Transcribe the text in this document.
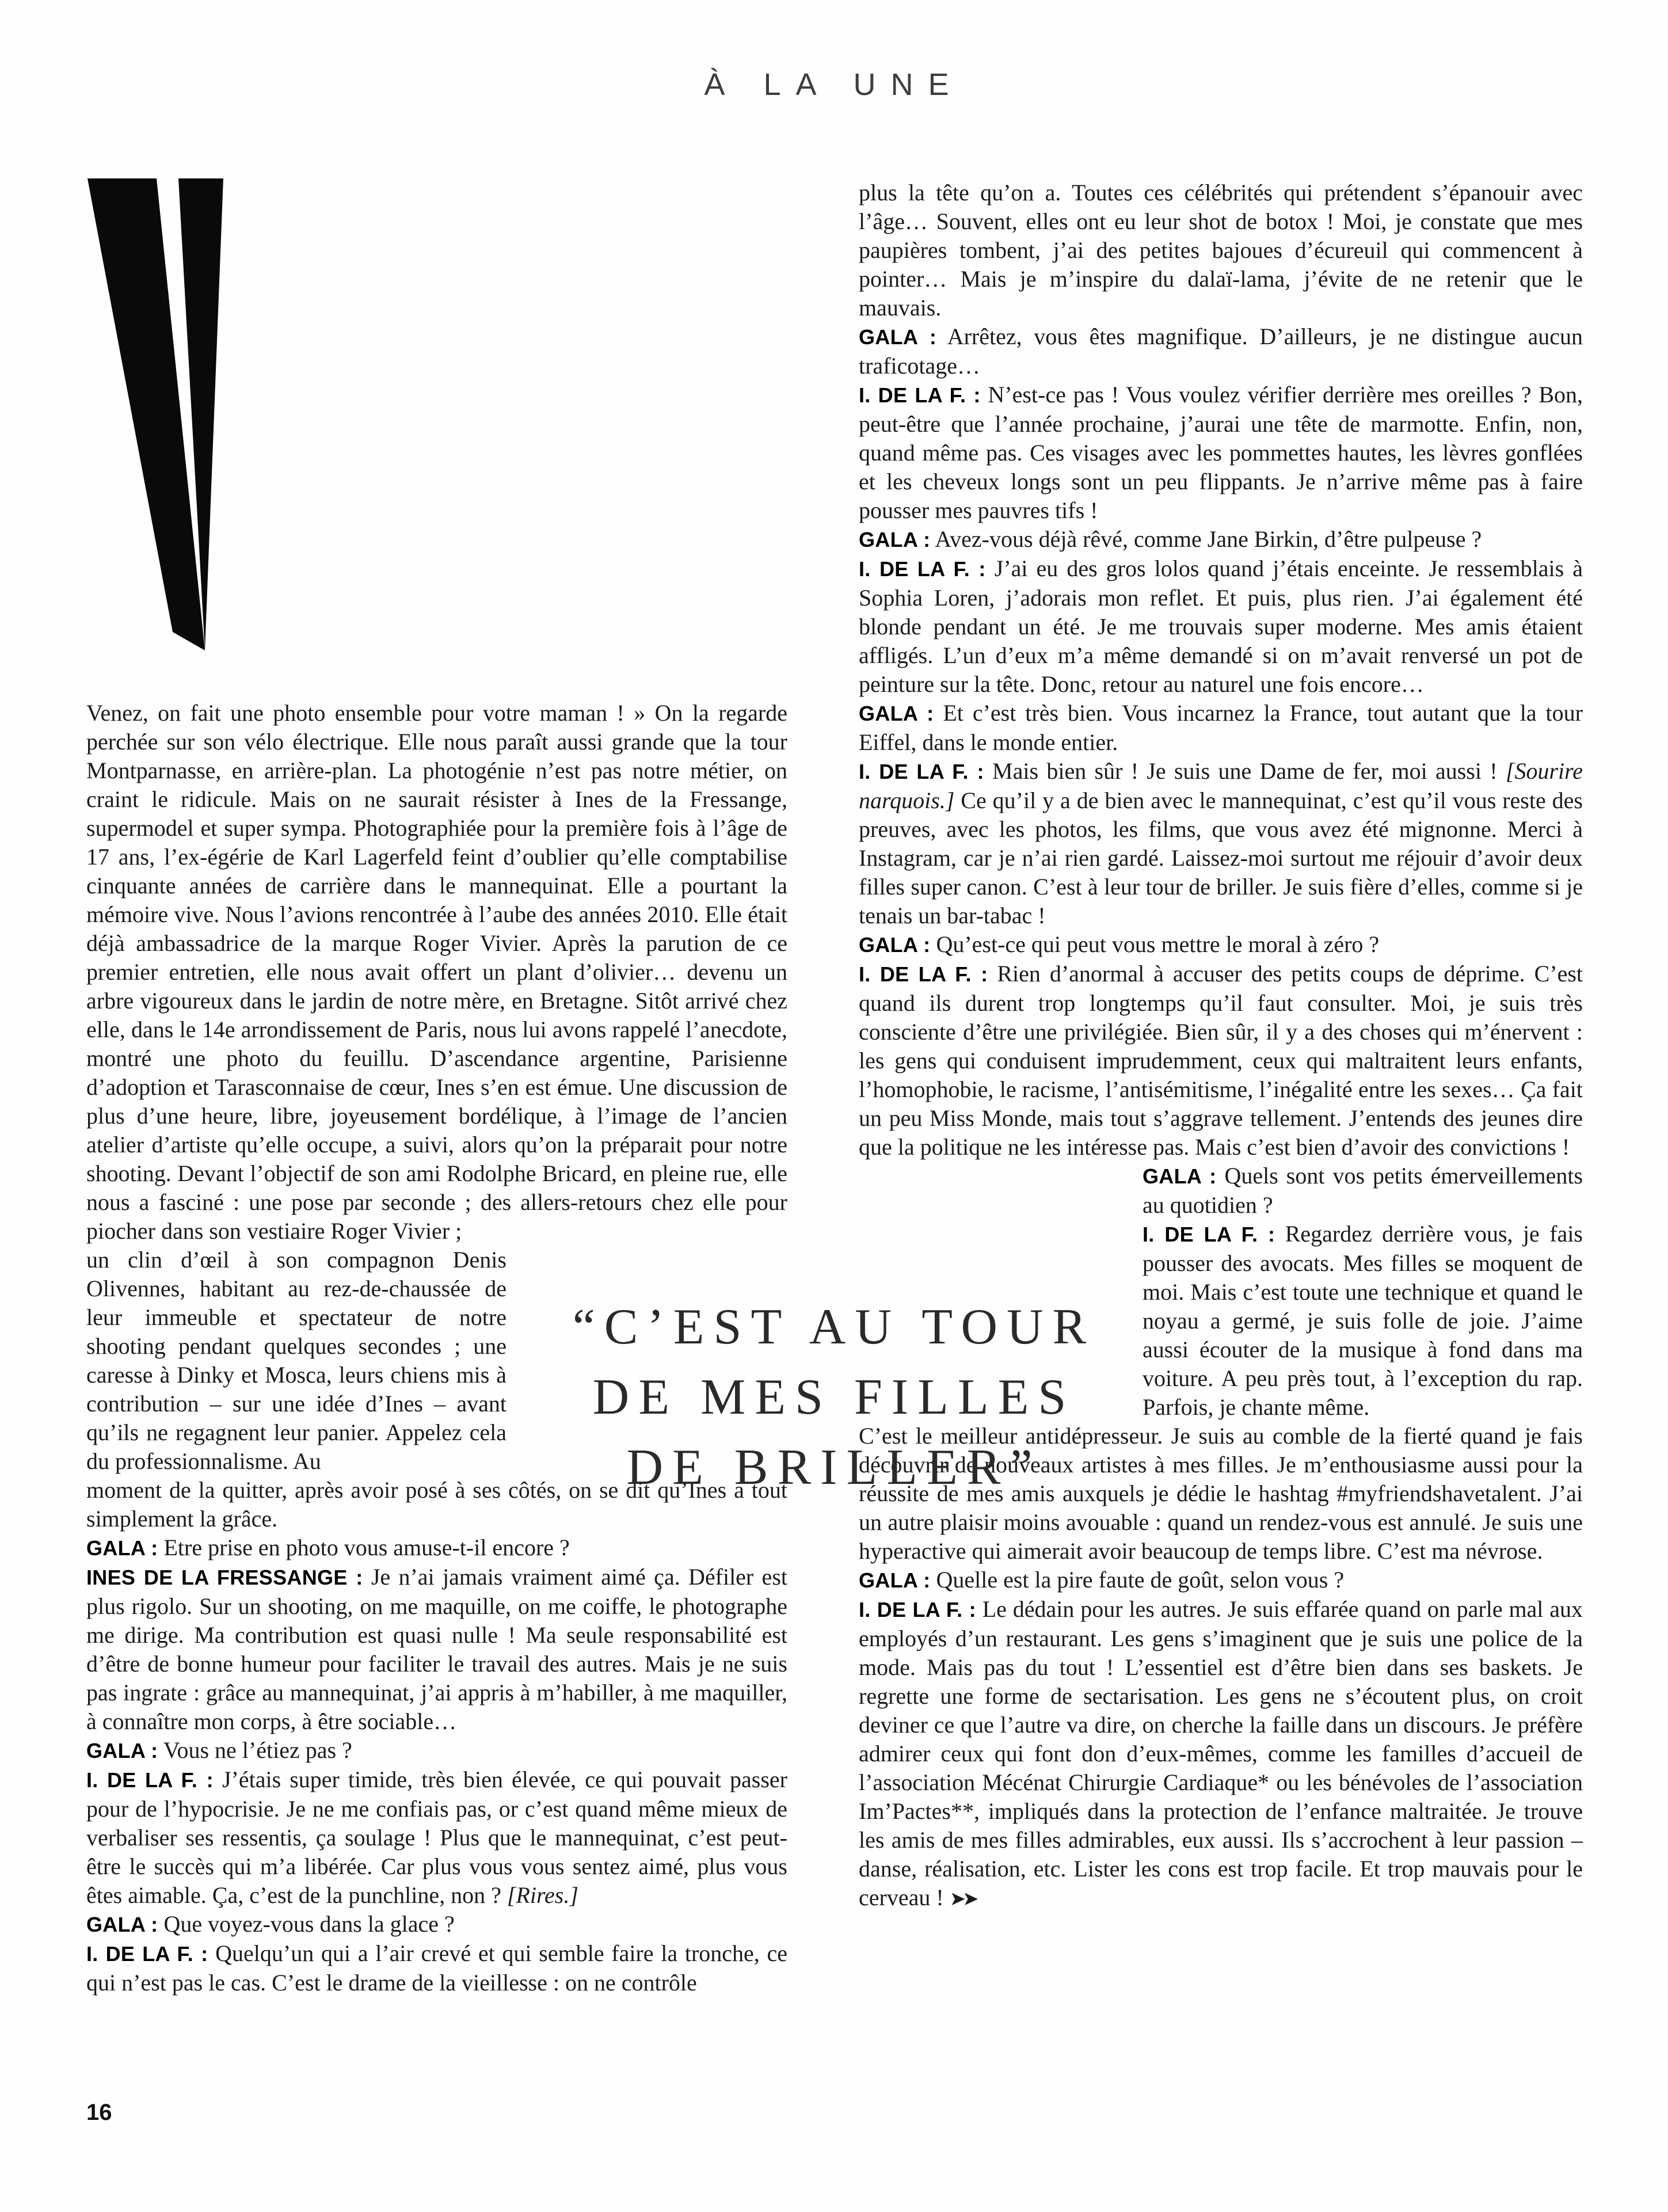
À LA UNE

Venez, on fait une photo ensemble pour votre maman ! » On la regarde perchée sur son vélo électrique. Elle nous paraît aussi grande que la tour Montparnasse, en arrière-plan. La photogénie n’est pas notre métier, on craint le ridicule. Mais on ne saurait résister à Ines de la Fressange, supermodel et super sympa. Photographiée pour la première fois à l’âge de 17 ans, l’ex-égérie de Karl Lagerfeld feint d’oublier qu’elle comptabilise cinquante années de carrière dans le mannequinat. Elle a pourtant la mémoire vive. Nous l’avions rencontrée à l’aube des années 2010. Elle était déjà ambassadrice de la marque Roger Vivier. Après la parution de ce premier entretien, elle nous avait offert un plant d’olivier… devenu un arbre vigoureux dans le jardin de notre mère, en Bretagne. Sitôt arrivé chez elle, dans le 14e arrondissement de Paris, nous lui avons rappelé l’anecdote, montré une photo du feuillu. D’ascendance argentine, Parisienne d’adoption et Tarasconnaise de cœur, Ines s’en est émue. Une discussion de plus d’une heure, libre, joyeusement bordélique, à l’image de l’ancien atelier d’artiste qu’elle occupe, a suivi, alors qu’on la préparait pour notre shooting. Devant l’objectif de son ami Rodolphe Bricard, en pleine rue, elle nous a fasciné : une pose par seconde ; des allers-retours chez elle pour piocher dans son vestiaire Roger Vivier ;

un clin d’œil à son compagnon Denis Olivennes, habitant au rez-de-chaussée de leur immeuble et spectateur de notre shooting pendant quelques secondes ; une caresse à Dinky et Mosca, leurs chiens mis à contribution – sur une idée d’Ines – avant qu’ils ne regagnent leur panier. Appelez cela du professionnalisme. Au

moment de la quitter, après avoir posé à ses côtés, on se dit qu’Ines a tout simplement la grâce.

GALA : Etre prise en photo vous amuse-t-il encore ?

INES DE LA FRESSANGE : Je n’ai jamais vraiment aimé ça. Défiler est plus rigolo. Sur un shooting, on me maquille, on me coiffe, le photographe me dirige. Ma contribution est quasi nulle ! Ma seule responsabilité est d’être de bonne humeur pour faciliter le travail des autres. Mais je ne suis pas ingrate : grâce au mannequinat, j’ai appris à m’habiller, à me maquiller, à connaître mon corps, à être sociable…

GALA : Vous ne l’étiez pas ?

I. DE LA F. : J’étais super timide, très bien élevée, ce qui pouvait passer pour de l’hypocrisie. Je ne me confiais pas, or c’est quand même mieux de verbaliser ses ressentis, ça soulage ! Plus que le mannequinat, c’est peut-être le succès qui m’a libérée. Car plus vous vous sentez aimé, plus vous êtes aimable. Ça, c’est de la punchline, non ? [Rires.]

GALA : Que voyez-vous dans la glace ?

I. DE LA F. : Quelqu’un qui a l’air crevé et qui semble faire la tronche, ce qui n’est pas le cas. C’est le drame de la vieillesse : on ne contrôle

plus la tête qu’on a. Toutes ces célébrités qui prétendent s’épanouir avec l’âge… Souvent, elles ont eu leur shot de botox ! Moi, je constate que mes paupières tombent, j’ai des petites bajoues d’écureuil qui commencent à pointer… Mais je m’inspire du dalaï-lama, j’évite de ne retenir que le mauvais.

GALA : Arrêtez, vous êtes magnifique. D’ailleurs, je ne distingue aucun traficotage…

I. DE LA F. : N’est-ce pas ! Vous voulez vérifier derrière mes oreilles ? Bon, peut-être que l’année prochaine, j’aurai une tête de marmotte. Enfin, non, quand même pas. Ces visages avec les pommettes hautes, les lèvres gonflées et les cheveux longs sont un peu flippants. Je n’arrive même pas à faire pousser mes pauvres tifs !

GALA : Avez-vous déjà rêvé, comme Jane Birkin, d’être pulpeuse ?

I. DE LA F. : J’ai eu des gros lolos quand j’étais enceinte. Je ressemblais à Sophia Loren, j’adorais mon reflet. Et puis, plus rien. J’ai également été blonde pendant un été. Je me trouvais super moderne. Mes amis étaient affligés. L’un d’eux m’a même demandé si on m’avait renversé un pot de peinture sur la tête. Donc, retour au naturel une fois encore…

GALA : Et c’est très bien. Vous incarnez la France, tout autant que la tour Eiffel, dans le monde entier.

I. DE LA F. : Mais bien sûr ! Je suis une Dame de fer, moi aussi ! [Sourire narquois.] Ce qu’il y a de bien avec le mannequinat, c’est qu’il vous reste des preuves, avec les photos, les films, que vous avez été mignonne. Merci à Instagram, car je n’ai rien gardé. Laissez-moi surtout me réjouir d’avoir deux filles super canon. C’est à leur tour de briller. Je suis fière d’elles, comme si je tenais un bar-tabac !

GALA : Qu’est-ce qui peut vous mettre le moral à zéro ?

I. DE LA F. : Rien d’anormal à accuser des petits coups de déprime. C’est quand ils durent trop longtemps qu’il faut consulter. Moi, je suis très consciente d’être une privilégiée. Bien sûr, il y a des choses qui m’énervent : les gens qui conduisent imprudemment, ceux qui maltraitent leurs enfants, l’homophobie, le racisme, l’antisémitisme, l’inégalité entre les sexes… Ça fait un peu Miss Monde, mais tout s’aggrave tellement. J’entends des jeunes dire que la politique ne les intéresse pas. Mais c’est bien d’avoir des convictions !

GALA : Quels sont vos petits émerveillements au quotidien ?

I. DE LA F. : Regardez derrière vous, je fais pousser des avocats. Mes filles se moquent de moi. Mais c’est toute une technique et quand le noyau a germé, je suis folle de joie. J’aime aussi écouter de la musique à fond dans ma voiture. A peu près tout, à l’exception du rap. Parfois, je chante même.

C’est le meilleur antidépresseur. Je suis au comble de la fierté quand je fais découvrir de nouveaux artistes à mes filles. Je m’enthousiasme aussi pour la réussite de mes amis auxquels je dédie le hashtag #myfriendshavetalent. J’ai un autre plaisir moins avouable : quand un rendez-vous est annulé. Je suis une hyperactive qui aimerait avoir beaucoup de temps libre. C’est ma névrose.

GALA : Quelle est la pire faute de goût, selon vous ?

I. DE LA F. : Le dédain pour les autres. Je suis effarée quand on parle mal aux employés d’un restaurant. Les gens s’imaginent que je suis une police de la mode. Mais pas du tout ! L’essentiel est d’être bien dans ses baskets. Je regrette une forme de sectarisation. Les gens ne s’écoutent plus, on croit deviner ce que l’autre va dire, on cherche la faille dans un discours. Je préfère admirer ceux qui font don d’eux-mêmes, comme les familles d’accueil de l’association Mécénat Chirurgie Cardiaque* ou les bénévoles de l’association Im’Pactes**, impliqués dans la protection de l’enfance maltraitée. Je trouve les amis de mes filles admirables, eux aussi. Ils s’accrochent à leur passion – danse, réalisation, etc. Lister les cons est trop facile. Et trop mauvais pour le cerveau ! ➤➤

“C’EST AU TOUR
DE MES FILLES
DE BRILLER”
16
